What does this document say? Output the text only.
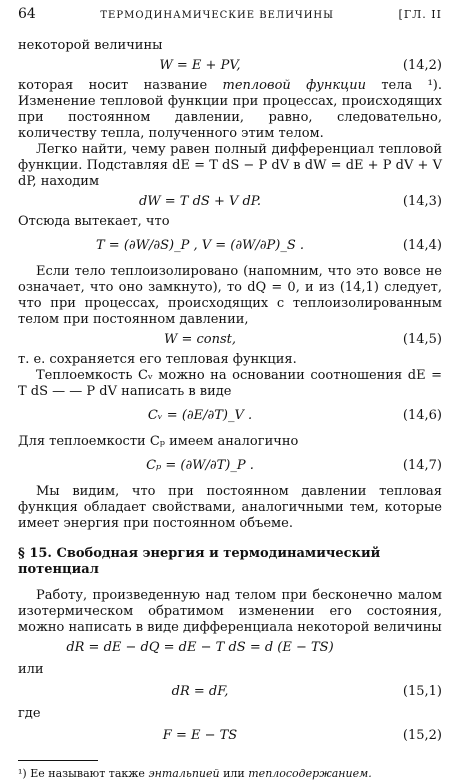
64	ТЕРМОДИНАМИЧЕСКИЕ ВЕЛИЧИНЫ	[ГЛ. II

некоторой величины

W = E + PV,	(14,2)

которая носит название тепловой функции тела ¹). Изменение тепловой функции при процессах, происходящих при постоянном давлении, равно, следовательно, количеству тепла, полученного этим телом.

Легко найти, чему равен полный дифференциал тепловой функции. Подставляя dE = T dS − P dV в dW = dE + P dV + V dP, находим

dW = T dS + V dP.	(14,3)

Отсюда вытекает, что

T = (∂W/∂S)_P , V = (∂W/∂P)_S .	(14,4)

Если тело теплоизолировано (напомним, что это вовсе не означает, что оно замкнуто), то dQ = 0, и из (14,1) следует, что при процессах, происходящих с теплоизолированным телом при постоянном давлении,

W = const,	(14,5)

т. е. сохраняется его тепловая функция.

Теплоемкость Cᵥ можно на основании соотношения dE = T dS — — P dV написать в виде

Cᵥ = (∂E/∂T)_V .	(14,6)

Для теплоемкости Cₚ имеем аналогично

Cₚ = (∂W/∂T)_P .	(14,7)

Мы видим, что при постоянном давлении тепловая функция обладает свойствами, аналогичными тем, которые имеет энергия при постоянном объеме.

§ 15. Свободная энергия и термодинамический потенциал

Работу, произведенную над телом при бесконечно малом изотермическом обратимом изменении его состояния, можно написать в виде дифференциала некоторой величины

dR = dE − dQ = dE − T dS = d (E − TS)
или
dR = dF,	(15,1)
где
F = E − TS	(15,2)

¹) Ее называют также энтальпией или теплосодержанием.
